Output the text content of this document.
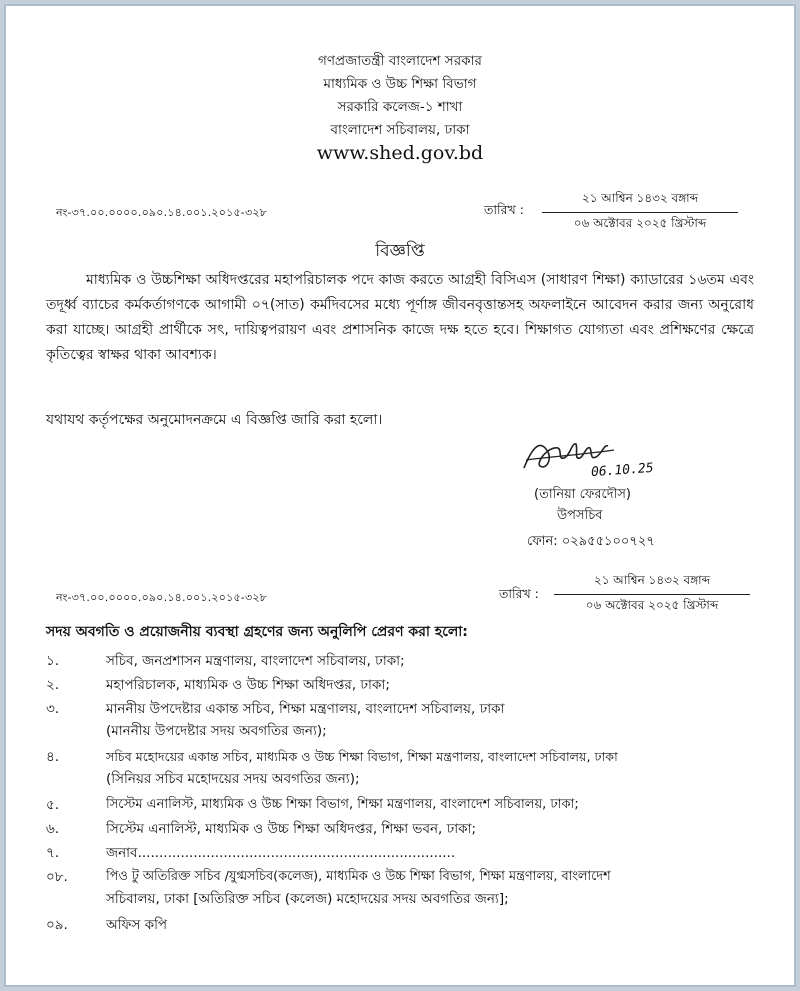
গণপ্রজাতন্ত্রী বাংলাদেশ সরকার
মাধ্যমিক ও উচ্চ শিক্ষা বিভাগ
সরকারি কলেজ-১ শাখা
বাংলাদেশ সচিবালয়, ঢাকা
www.shed.gov.bd
নং-৩৭.০০.০০০০.০৯০.১৪.০০১.২০১৫-৩২৮	তারিখ :
২১ আশ্বিন ১৪৩২ বঙ্গাব্দ
০৬ অক্টোবর ২০২৫ খ্রিস্টাব্দ
বিজ্ঞপ্তি
মাধ্যমিক ও উচ্চশিক্ষা অধিদপ্তরের মহাপরিচালক পদে কাজ করতে আগ্রহী বিসিএস (সাধারণ শিক্ষা) ক্যাডারের ১৬তম এবং তদূর্ধ্ব ব্যাচের কর্মকর্তাগণকে আগামী ০৭(সাত) কর্মদিবসের মধ্যে পূর্ণাঙ্গ জীবনবৃত্তান্তসহ অফলাইনে আবেদন করার জন্য অনুরোধ করা যাচ্ছে। আগ্রহী প্রার্থীকে সৎ, দায়িত্বপরায়ণ এবং প্রশাসনিক কাজে দক্ষ হতে হবে। শিক্ষাগত যোগ্যতা এবং প্রশিক্ষণের ক্ষেত্রে কৃতিত্বের স্বাক্ষর থাকা আবশ্যক।
যথাযথ কর্তৃপক্ষের অনুমোদনক্রমে এ বিজ্ঞপ্তি জারি করা হলো।
06.10.25
(তানিয়া ফেরদৌস)
উপসচিব
ফোন: ০২৯৫৫১০০৭২৭
নং-৩৭.০০.০০০০.০৯০.১৪.০০১.২০১৫-৩২৮	তারিখ :
২১ আশ্বিন ১৪৩২ বঙ্গাব্দ
০৬ অক্টোবর ২০২৫ খ্রিস্টাব্দ
সদয় অবগতি ও প্রয়োজনীয় ব্যবস্থা গ্রহণের জন্য অনুলিপি প্রেরণ করা হলো:
১.	সচিব, জনপ্রশাসন মন্ত্রণালয়, বাংলাদেশ সচিবালয়, ঢাকা;
২.	মহাপরিচালক, মাধ্যমিক ও উচ্চ শিক্ষা অধিদপ্তর, ঢাকা;
৩.	মাননীয় উপদেষ্টার একান্ত সচিব, শিক্ষা মন্ত্রণালয়, বাংলাদেশ সচিবালয়, ঢাকা
(মাননীয় উপদেষ্টার সদয় অবগতির জন্য);
৪.	সচিব মহোদয়ের একান্ত সচিব, মাধ্যমিক ও উচ্চ শিক্ষা বিভাগ, শিক্ষা মন্ত্রণালয়, বাংলাদেশ সচিবালয়, ঢাকা
(সিনিয়র সচিব মহোদয়ের সদয় অবগতির জন্য);
৫.	সিস্টেম এনালিস্ট, মাধ্যমিক ও উচ্চ শিক্ষা বিভাগ, শিক্ষা মন্ত্রণালয়, বাংলাদেশ সচিবালয়, ঢাকা;
৬.	সিস্টেম এনালিস্ট, মাধ্যমিক ও উচ্চ শিক্ষা অধিদপ্তর, শিক্ষা ভবন, ঢাকা;
৭.	জনাব..........................................................................
০৮.	পিও টু অতিরিক্ত সচিব /যুগ্মসচিব(কলেজ), মাধ্যমিক ও উচ্চ শিক্ষা বিভাগ, শিক্ষা মন্ত্রণালয়, বাংলাদেশ
সচিবালয়, ঢাকা [অতিরিক্ত সচিব (কলেজ) মহোদয়ের সদয় অবগতির জন্য];
০৯.	অফিস কপি
